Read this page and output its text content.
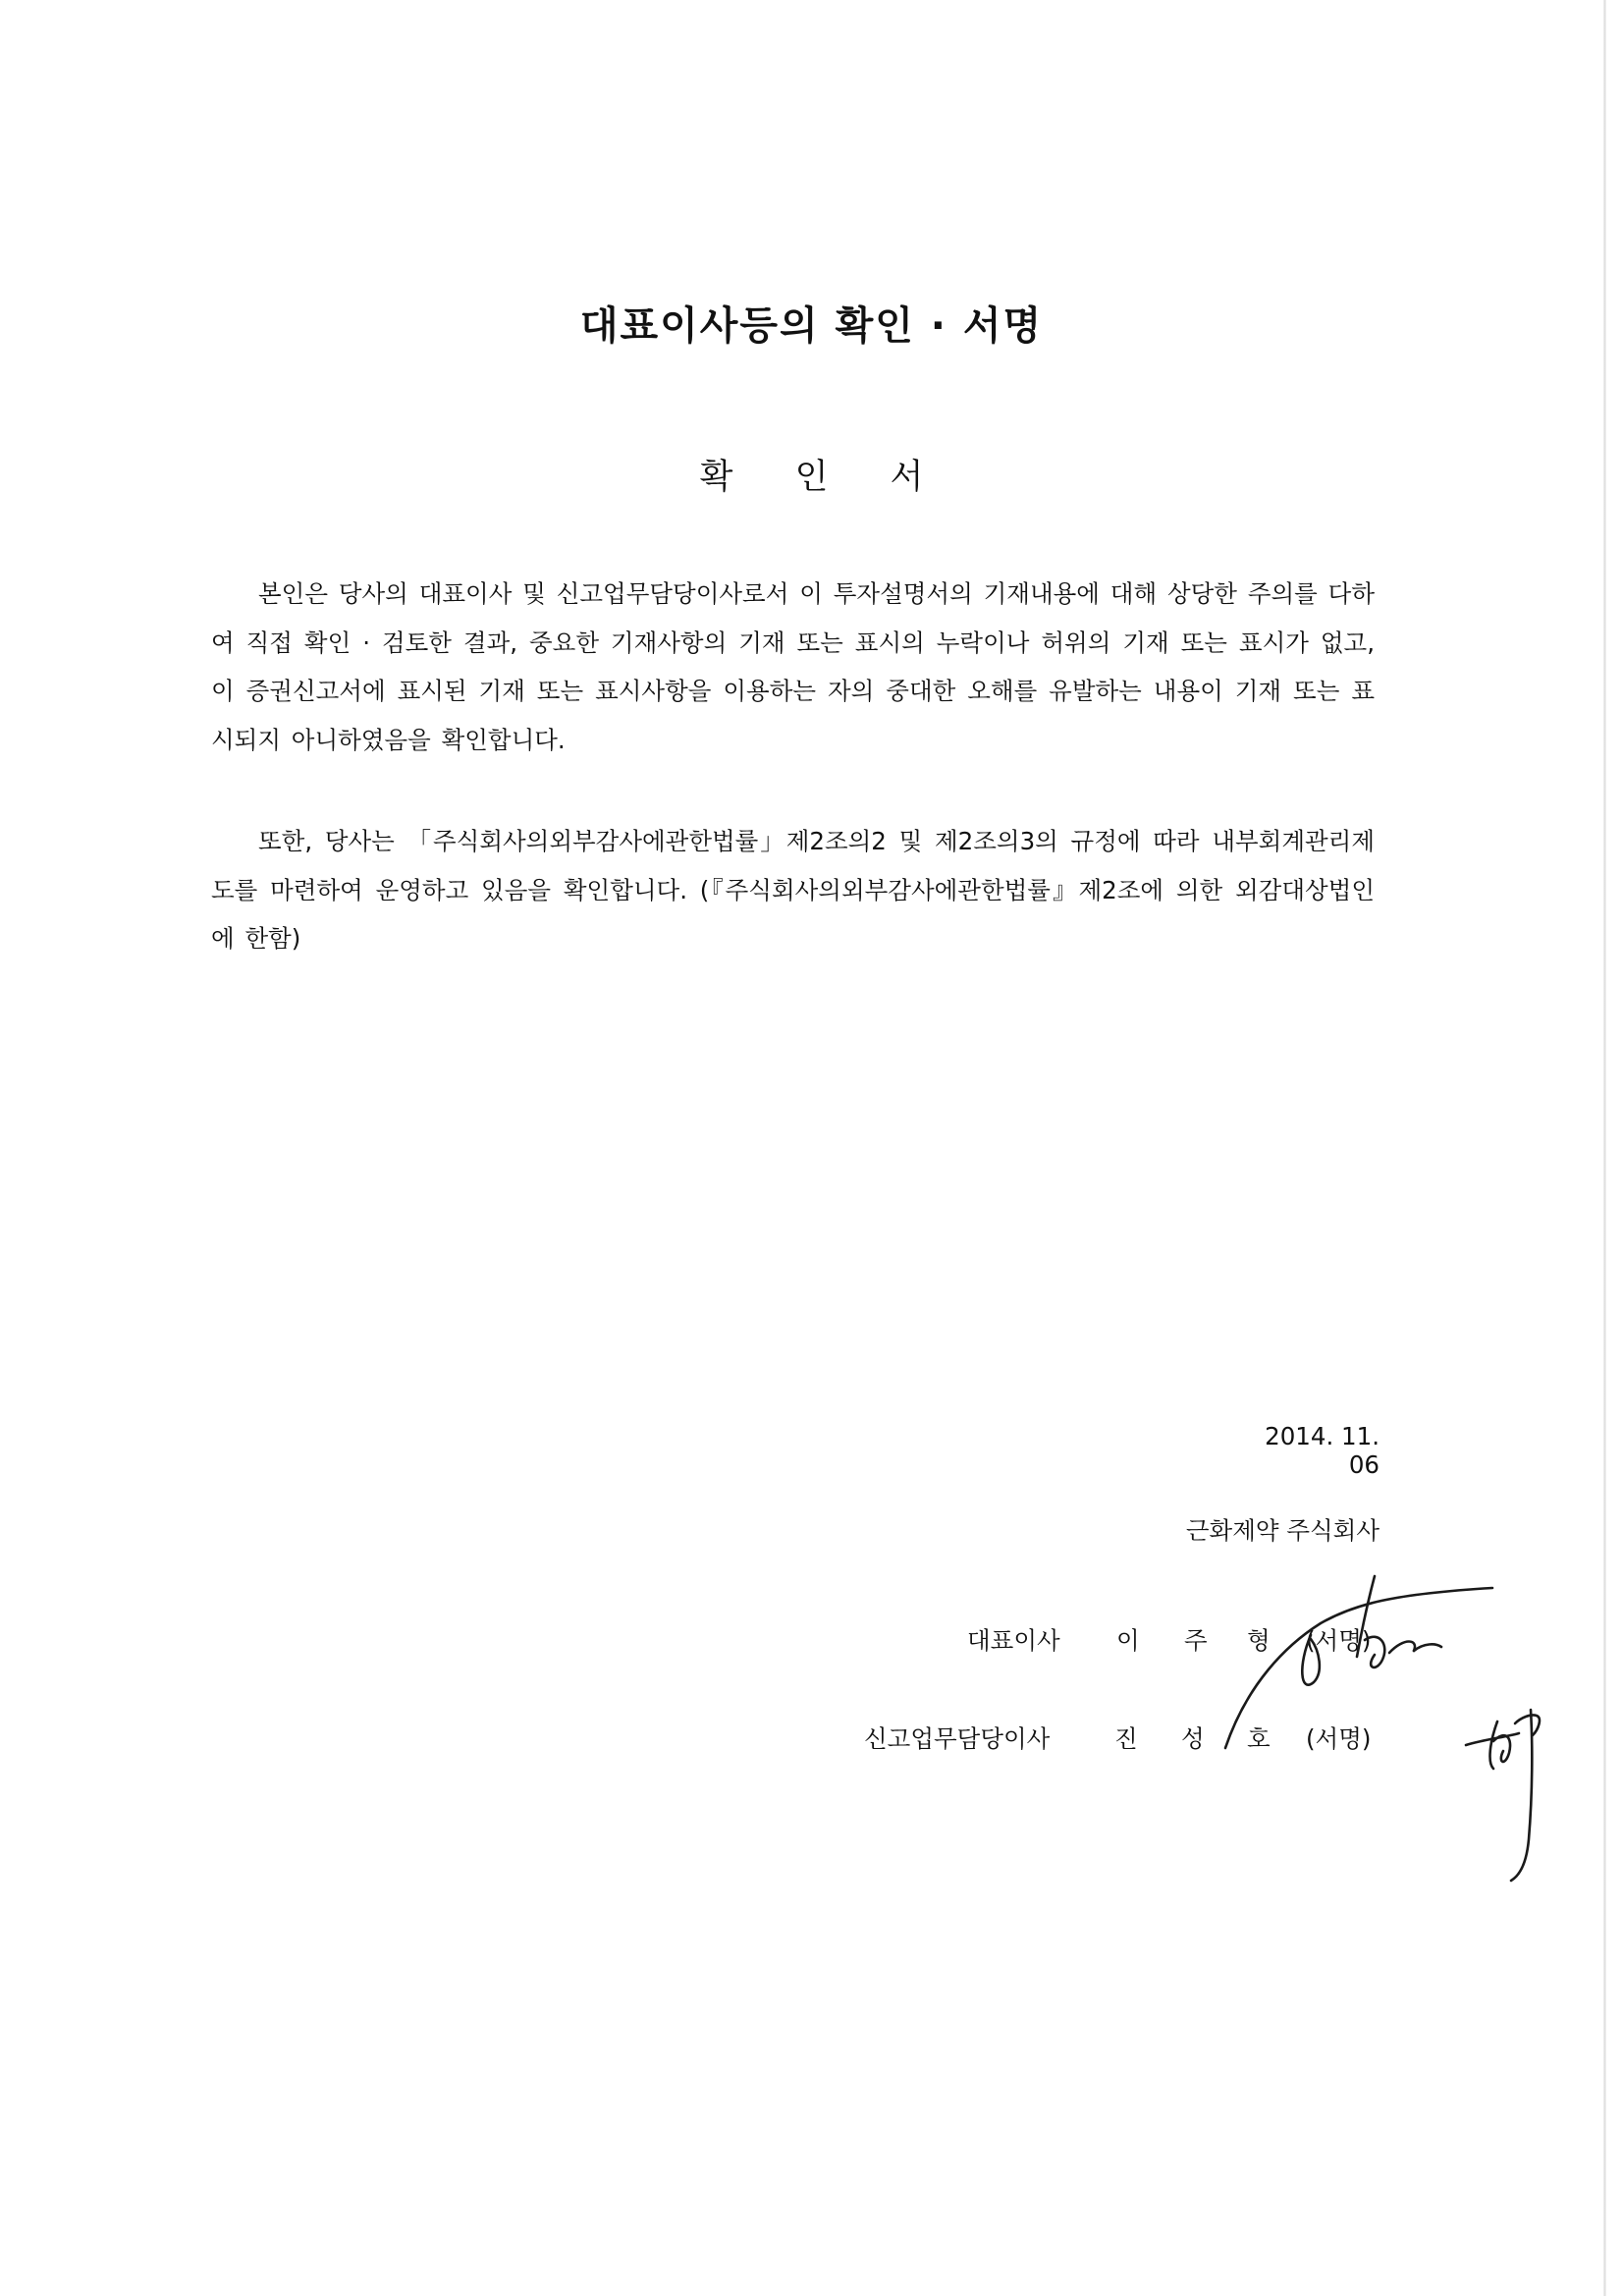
대표이사등의 확인 · 서명
확 인 서

본인은 당사의 대표이사 및 신고업무담당이사로서 이 투자설명서의 기재내용에 대해 상당한 주의를 다하여 직접 확인 · 검토한 결과, 중요한 기재사항의 기재 또는 표시의 누락이나 허위의 기재 또는 표시가 없고, 이 증권신고서에 표시된 기재 또는 표시사항을 이용하는 자의 중대한 오해를 유발하는 내용이 기재 또는 표시되지 아니하였음을 확인합니다.

또한, 당사는 「주식회사의외부감사에관한법률」제2조의2 및 제2조의3의 규정에 따라 내부회계관리제도를 마련하여 운영하고 있음을 확인합니다. (『주식회사의외부감사에관한법률』제2조에 의한 외감대상법인에 한함)

2014. 11. 06
근화제약 주식회사
대표이사 이 주 형 (서명)
신고업무담당이사	진 성 호 (서명)
